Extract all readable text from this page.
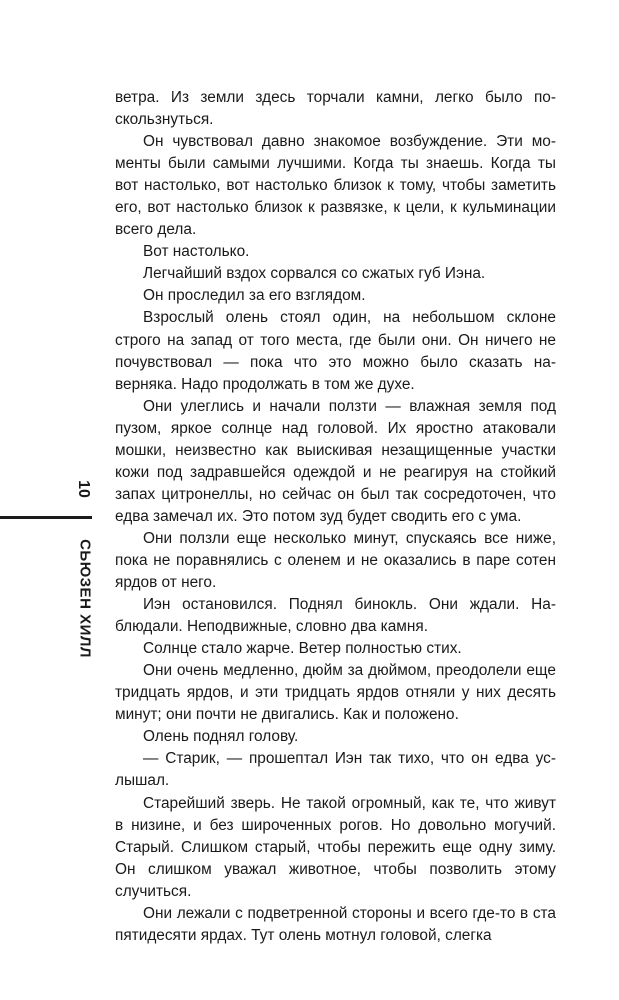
10
СЬЮЗЕН ХИЛЛ

ветра. Из земли здесь торчали камни, легко было поскользнуться.

Он чувствовал давно знакомое возбуждение. Эти моменты были самыми лучшими. Когда ты знаешь. Когда ты вот настолько, вот настолько близок к тому, чтобы заметить его, вот настолько близок к развязке, к цели, к кульминации всего дела.

Вот настолько.

Легчайший вздох сорвался со сжатых губ Иэна.

Он проследил за его взглядом.

Взрослый олень стоял один, на небольшом склоне строго на запад от того места, где были они. Он ничего не почувствовал — пока что это можно было сказать наверняка. Надо продолжать в том же духе.

Они улеглись и начали ползти — влажная земля под пузом, яркое солнце над головой. Их яростно атаковали мошки, неизвестно как выискивая незащищенные участки кожи под задравшейся одеждой и не реагируя на стойкий запах цитронеллы, но сейчас он был так сосредоточен, что едва замечал их. Это потом зуд будет сводить его с ума.

Они ползли еще несколько минут, спускаясь все ниже, пока не поравнялись с оленем и не оказались в паре сотен ярдов от него.

Иэн остановился. Поднял бинокль. Они ждали. Наблюдали. Неподвижные, словно два камня.

Солнце стало жарче. Ветер полностью стих.

Они очень медленно, дюйм за дюймом, преодолели еще тридцать ярдов, и эти тридцать ярдов отняли у них десять минут; они почти не двигались. Как и положено.

Олень поднял голову.

— Старик, — прошептал Иэн так тихо, что он едва услышал.

Старейший зверь. Не такой огромный, как те, что живут в низине, и без широченных рогов. Но довольно могучий. Старый. Слишком старый, чтобы пережить еще одну зиму. Он слишком уважал животное, чтобы позволить этому случиться.

Они лежали с подветренной стороны и всего где-то в ста пятидесяти ярдах. Тут олень мотнул головой, слегка
